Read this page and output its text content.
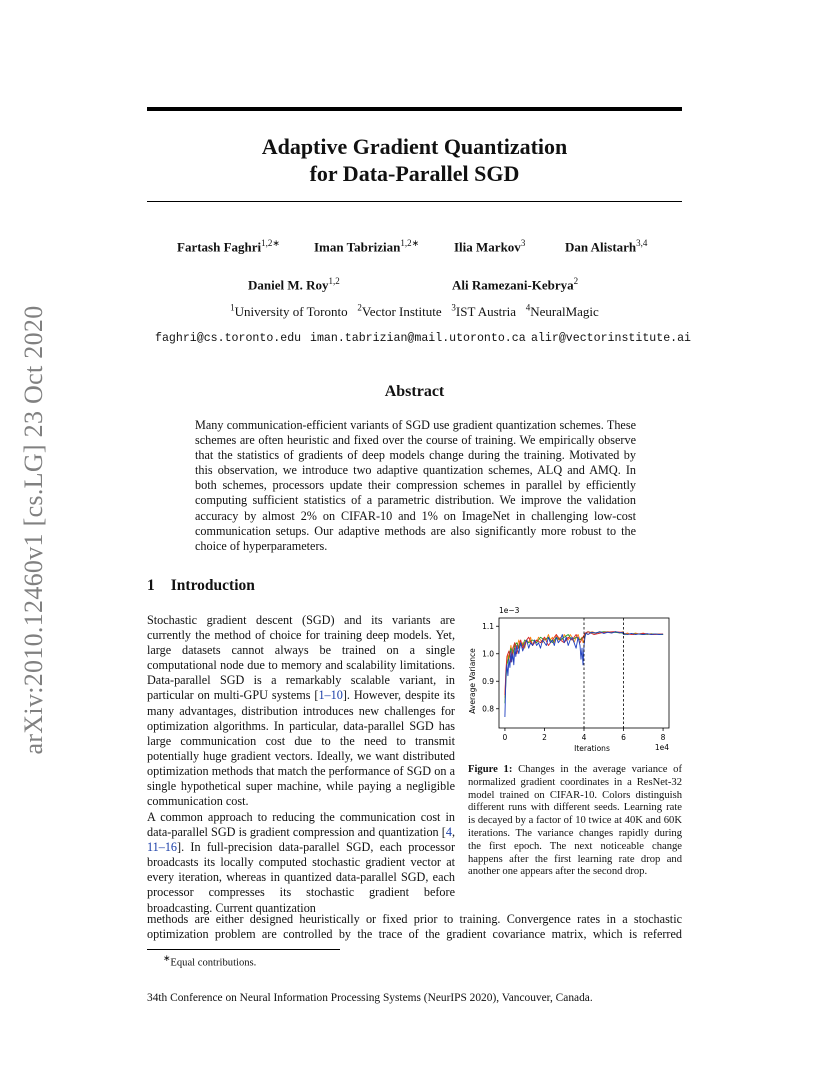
arXiv:2010.12460v1 [cs.LG] 23 Oct 2020
Adaptive Gradient Quantization
for Data-Parallel SGD
Fartash Faghri$^{1,2∗}$	Iman Tabrizian$^{1,2∗}$	Ilia Markov$^3$	Dan Alistarh$^{3,4}$
Daniel M. Roy$^{1,2}$	Ali Ramezani-Kebrya$^2$
$^1$University of Toronto $^2$Vector Institute $^3$IST Austria $^4$NeuralMagic
faghri@cs.toronto.edu iman.tabrizian@mail.utoronto.ca alir@vectorinstitute.ai
Abstract

Many communication-efficient variants of SGD use gradient quantization schemes. These schemes are often heuristic and fixed over the course of training. We empirically observe that the statistics of gradients of deep models change during the training. Motivated by this observation, we introduce two adaptive quantization schemes, ALQ and AMQ. In both schemes, processors update their compression schemes in parallel by efficiently computing sufficient statistics of a parametric distribution. We improve the validation accuracy by almost 2% on CIFAR-10 and 1% on ImageNet in challenging low-cost communication setups. Our adaptive methods are also significantly more robust to the choice of hyperparameters.

1 Introduction

Stochastic gradient descent (SGD) and its variants are currently the method of choice for training deep models. Yet, large datasets cannot always be trained on a single computational node due to memory and scalability limitations. Data-parallel SGD is a remarkably scalable variant, in particular on multi-GPU systems [1–10]. However, despite its many advantages, distribution introduces new challenges for optimization algorithms. In particular, data-parallel SGD has large communication cost due to the need to transmit potentially huge gradient vectors. Ideally, we want distributed optimization methods that match the performance of SGD on a single hypothetical super machine, while paying a negligible communication cost.

A common approach to reducing the communication cost in data-parallel SGD is gradient compression and quantization [4, 11–16]. In full-precision data-parallel SGD, each processor broadcasts its locally computed stochastic gradient vector at every iteration, whereas in quantized data-parallel SGD, each processor compresses its stochastic gradient before broadcasting. Current quantization

methods are either designed heuristically or fixed prior to training. Convergence rates in a stochastic
optimization problem are controlled by the trace of the gradient covariance matrix, which is referred
0	2	4	6	8
0.8
0.9
1.0
1.1
1e−3
1e4
Iterations
Average Variance
Figure 1: Changes in the average variance of normalized gradient coordinates in a ResNet-32 model trained on CIFAR-10. Colors distinguish different runs with different seeds. Learning rate is decayed by a factor of 10 twice at 40K and 60K iterations. The variance changes rapidly during the first epoch. The next noticeable change happens after the first learning rate drop and another one appears after the second drop.
∗Equal contributions.
34th Conference on Neural Information Processing Systems (NeurIPS 2020), Vancouver, Canada.
